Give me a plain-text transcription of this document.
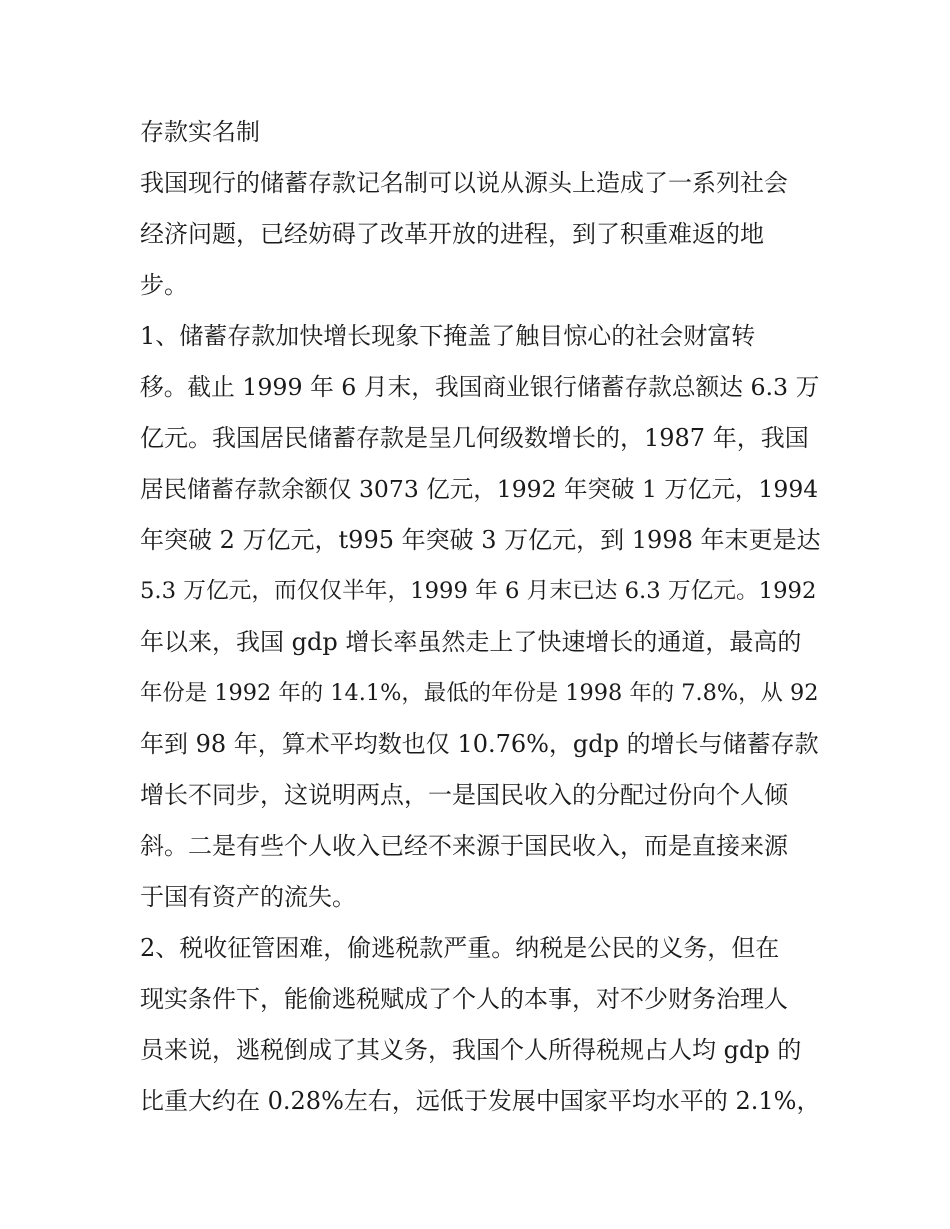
存款实名制
我国现行的储蓄存款记名制可以说从源头上造成了一系列社会
经济问题，已经妨碍了改革开放的进程，到了积重难返的地
步。
1、储蓄存款加快增长现象下掩盖了触目惊心的社会财富转
移。截止 1999 年 6 月末，我国商业银行储蓄存款总额达 6.3 万
亿元。我国居民储蓄存款是呈几何级数增长的，1987 年，我国
居民储蓄存款余额仅 3073 亿元，1992 年突破 1 万亿元，1994
年突破 2 万亿元，t995 年突破 3 万亿元，到 1998 年末更是达
5.3 万亿元，而仅仅半年，1999 年 6 月末已达 6.3 万亿元。1992
年以来，我国 gdp 增长率虽然走上了快速增长的通道，最高的
年份是 1992 年的 14.1%，最低的年份是 1998 年的 7.8%，从 92
年到 98 年，算术平均数也仅 10.76%，gdp 的增长与储蓄存款
增长不同步，这说明两点，一是国民收入的分配过份向个人倾
斜。二是有些个人收入已经不来源于国民收入，而是直接来源
于国有资产的流失。
2、税收征管困难，偷逃税款严重。纳税是公民的义务，但在
现实条件下，能偷逃税赋成了个人的本事，对不少财务治理人
员来说，逃税倒成了其义务，我国个人所得税规占人均 gdp 的
比重大约在 0.28%左右，远低于发展中国家平均水平的 2.1%，
